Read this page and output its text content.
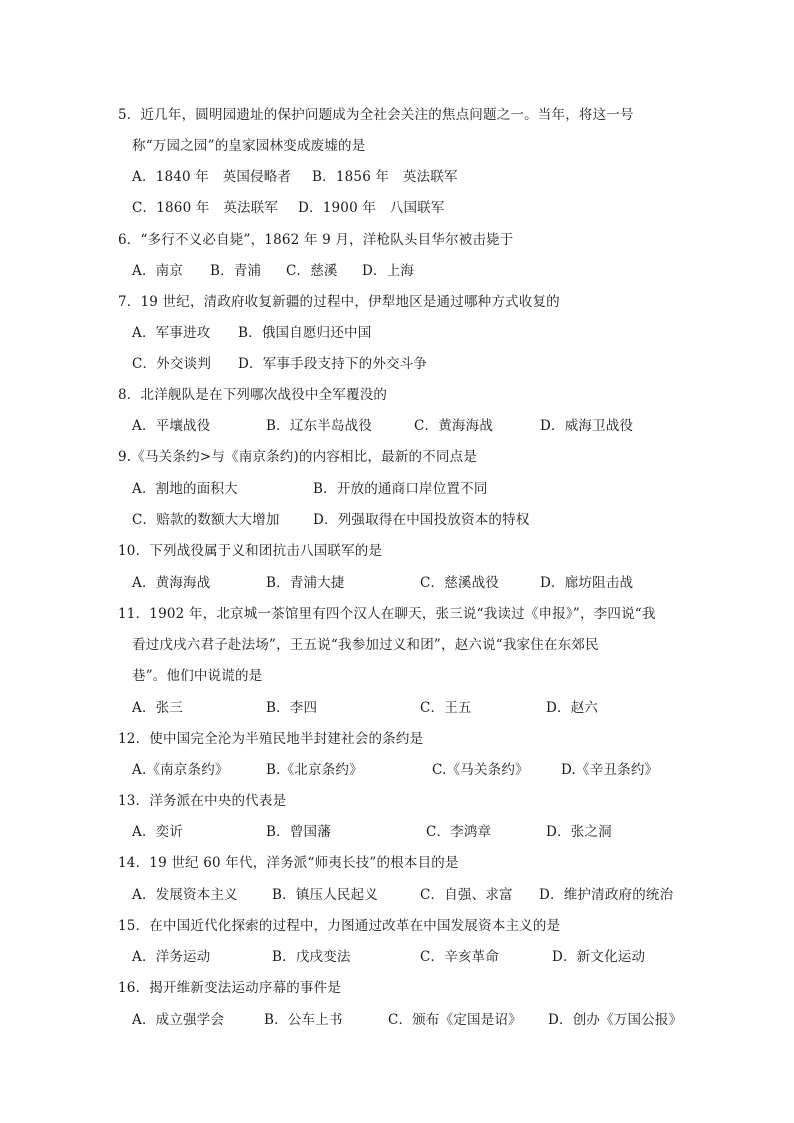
5．近几年，圆明园遗址的保护问题成为全社会关注的焦点问题之一。当年，将这一号
称“万园之园”的皇家园林变成废墟的是
A．1840 年　英国侵略者 B．1856 年　英法联军
C．1860 年　英法联军 D．1900 年　八国联军
6．“多行不义必自毙”，1862 年 9 月，洋枪队头目华尔被击毙于
A．南京 B．青浦 C．慈溪 D．上海
7．19 世纪，清政府收复新疆的过程中，伊犁地区是通过哪种方式收复的
A．军事进攻 B．俄国自愿归还中国
C．外交谈判 D．军事手段支持下的外交斗争
8．北洋舰队是在下列哪次战役中全军覆没的
A．平壤战役	B．辽东半岛战役	C．黄海海战	D．威海卫战役
9.《马关条约>与《南京条约)的内容相比，最新的不同点是
A．割地的面积大	B．开放的通商口岸位置不同
C．赔款的数额大大增加 D．列强取得在中国投放资本的特权
10．下列战役属于义和团抗击八国联军的是
A．黄海海战	B．青浦大捷	C．慈溪战役	D．廊坊阻击战
11．1902 年，北京城一茶馆里有四个汉人在聊天，张三说“我读过《申报》”，李四说“我
看过戊戌六君子赴法场”，王五说“我参加过义和团”，赵六说“我家住在东郊民
巷”。他们中说谎的是
A．张三	B．李四	C．王五	D．赵六
12．使中国完全沦为半殖民地半封建社会的条约是
A.《南京条约》	B.《北京条约》	C.《马关条约》 D.《辛丑条约》
13．洋务派在中央的代表是
A．奕䜣	B．曾国藩	C．李鸿章	D．张之洞
14．19 世纪 60 年代，洋务派“师夷长技”的根本目的是
A．发展资本主义	B．镇压人民起义	C．自强、求富 D．维护清政府的统治
15．在中国近代化探索的过程中，力图通过改革在中国发展资本主义的是
A．洋务运动	B．戊戌变法	C．辛亥革命	D．新文化运动
16．揭开维新变法运动序幕的事件是
A．成立强学会	B．公车上书	C．颁布《定国是诏》 D．创办《万国公报》
